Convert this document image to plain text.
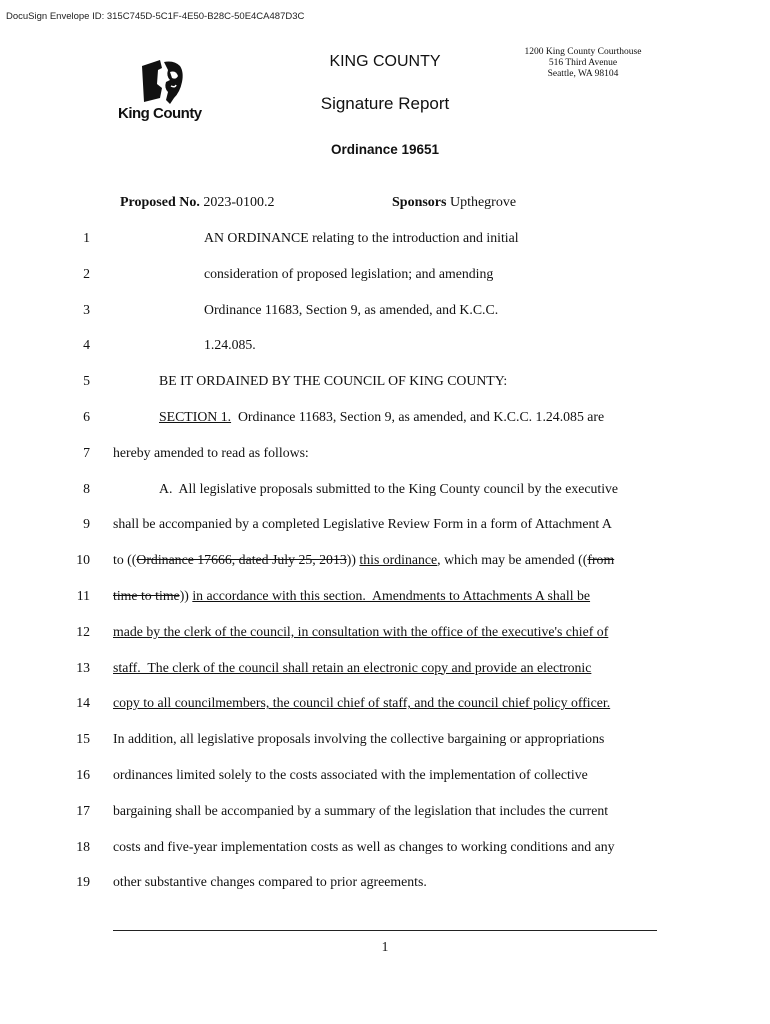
DocuSign Envelope ID: 315C745D-5C1F-4E50-B28C-50E4CA487D3C
King County
KING COUNTY
Signature Report
Ordinance 19651
1200 King County Courthouse
516 Third Avenue
Seattle, WA 98104
Proposed No. 2023-0100.2	Sponsors Upthegrove
1	AN ORDINANCE relating to the introduction and initial
2	consideration of proposed legislation; and amending
3	Ordinance 11683, Section 9, as amended, and K.C.C.
4	1.24.085.
5	BE IT ORDAINED BY THE COUNCIL OF KING COUNTY:
6	SECTION 1.  Ordinance 11683, Section 9, as amended, and K.C.C. 1.24.085 are
7 hereby amended to read as follows:
8	A.  All legislative proposals submitted to the King County council by the executive
9 shall be accompanied by a completed Legislative Review Form in a form of Attachment A
10 to ((Ordinance 17666, dated July 25, 2013)) this ordinance, which may be amended ((from
11 time to time)) in accordance with this section.  Amendments to Attachments A shall be
12 made by the clerk of the council, in consultation with the office of the executive's chief of
13 staff.  The clerk of the council shall retain an electronic copy and provide an electronic
14 copy to all councilmembers, the council chief of staff, and the council chief policy officer.
15 In addition, all legislative proposals involving the collective bargaining or appropriations
16 ordinances limited solely to the costs associated with the implementation of collective
17 bargaining shall be accompanied by a summary of the legislation that includes the current
18 costs and five-year implementation costs as well as changes to working conditions and any
19 other substantive changes compared to prior agreements.
1
